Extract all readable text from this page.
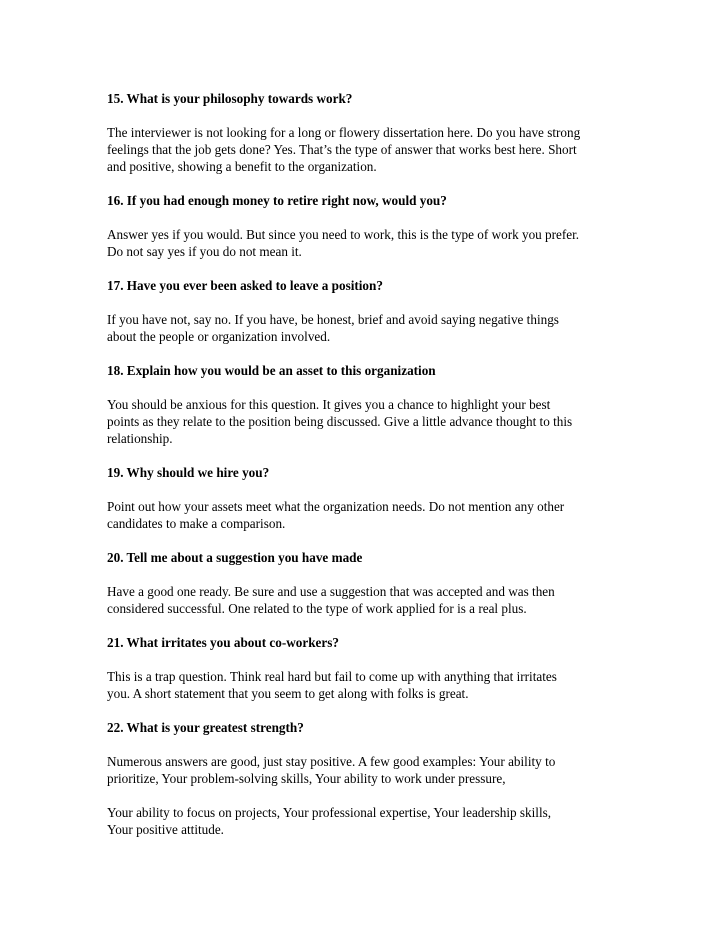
15. What is your philosophy towards work?

The interviewer is not looking for a long or flowery dissertation here. Do you have strong
feelings that the job gets done? Yes. That’s the type of answer that works best here. Short
and positive, showing a benefit to the organization.

16. If you had enough money to retire right now, would you?

Answer yes if you would. But since you need to work, this is the type of work you prefer.
Do not say yes if you do not mean it.

17. Have you ever been asked to leave a position?

If you have not, say no. If you have, be honest, brief and avoid saying negative things
about the people or organization involved.

18. Explain how you would be an asset to this organization

You should be anxious for this question. It gives you a chance to highlight your best
points as they relate to the position being discussed. Give a little advance thought to this
relationship.

19. Why should we hire you?

Point out how your assets meet what the organization needs. Do not mention any other
candidates to make a comparison.

20. Tell me about a suggestion you have made

Have a good one ready. Be sure and use a suggestion that was accepted and was then
considered successful. One related to the type of work applied for is a real plus.

21. What irritates you about co-workers?

This is a trap question. Think real hard but fail to come up with anything that irritates
you. A short statement that you seem to get along with folks is great.

22. What is your greatest strength?

Numerous answers are good, just stay positive. A few good examples: Your ability to
prioritize, Your problem-solving skills, Your ability to work under pressure,

Your ability to focus on projects, Your professional expertise, Your leadership skills,
Your positive attitude.
